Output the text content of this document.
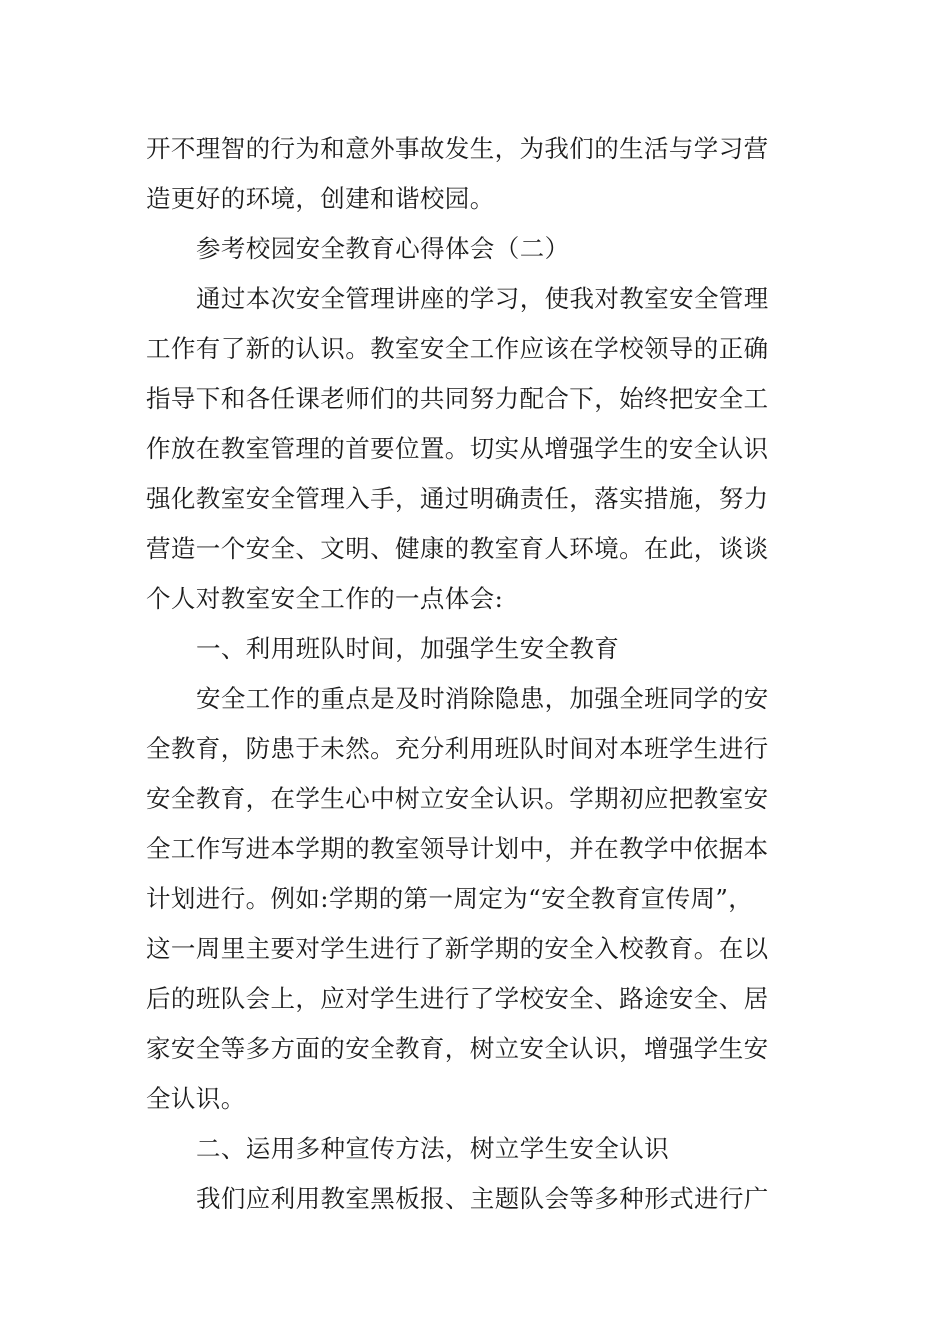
开不理智的行为和意外事故发生，为我们的生活与学习营
造更好的环境，创建和谐校园。
参考校园安全教育心得体会（二）
通过本次安全管理讲座的学习，使我对教室安全管理
工作有了新的认识。教室安全工作应该在学校领导的正确
指导下和各任课老师们的共同努力配合下，始终把安全工
作放在教室管理的首要位置。切实从增强学生的安全认识
强化教室安全管理入手，通过明确责任，落实措施，努力
营造一个安全、文明、健康的教室育人环境。在此，谈谈
个人对教室安全工作的一点体会:
一、利用班队时间，加强学生安全教育
安全工作的重点是及时消除隐患，加强全班同学的安
全教育，防患于未然。充分利用班队时间对本班学生进行
安全教育，在学生心中树立安全认识。学期初应把教室安
全工作写进本学期的教室领导计划中，并在教学中依据本
计划进行。例如:学期的第一周定为“安全教育宣传周”，
这一周里主要对学生进行了新学期的安全入校教育。在以
后的班队会上，应对学生进行了学校安全、路途安全、居
家安全等多方面的安全教育，树立安全认识，增强学生安
全认识。
二、运用多种宣传方法，树立学生安全认识
我们应利用教室黑板报、主题队会等多种形式进行广
